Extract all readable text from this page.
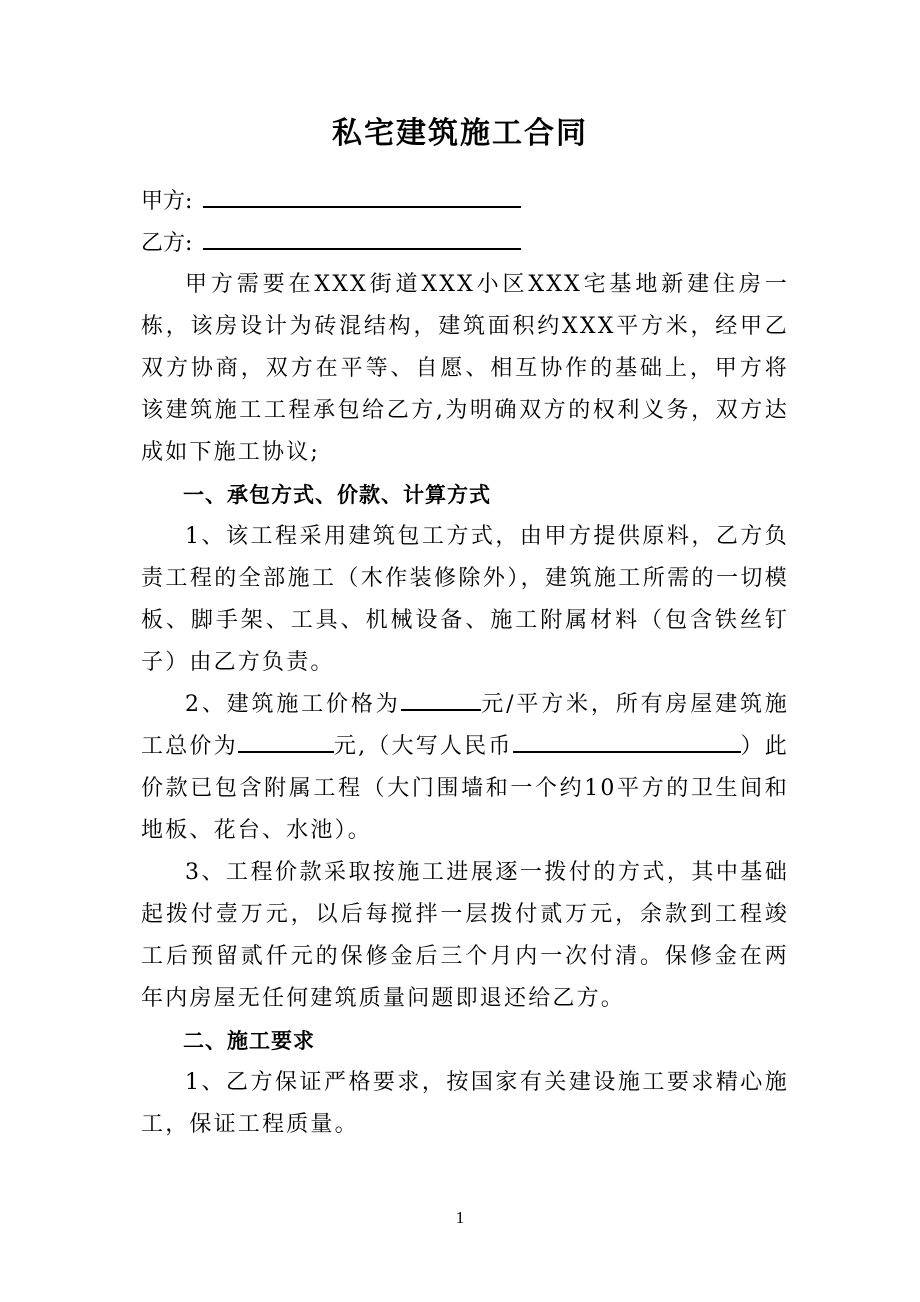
私宅建筑施工合同
甲方:
乙方:

甲方需要在XXX街道XXX小区XXX宅基地新建住房一栋，该房设计为砖混结构，建筑面积约XXX平方米，经甲乙双方协商，双方在平等、自愿、相互协作的基础上，甲方将该建筑施工工程承包给乙方,为明确双方的权利义务，双方达成如下施工协议;

一、承包方式、价款、计算方式

1、该工程采用建筑包工方式，由甲方提供原料，乙方负责工程的全部施工（木作装修除外），建筑施工所需的一切模板、脚手架、工具、机械设备、施工附属材料（包含铁丝钉子）由乙方负责。

2、建筑施工价格为	元/平方米，所有房屋建筑施工总价为	元,（大写人民币	）此价款已包含附属工程（大门围墙和一个约10平方的卫生间和地板、花台、水池）。

3、工程价款采取按施工进展逐一拨付的方式，其中基础起拨付壹万元，以后每搅拌一层拨付贰万元，余款到工程竣工后预留贰仟元的保修金后三个月内一次付清。保修金在两年内房屋无任何建筑质量问题即退还给乙方。

二、施工要求

1、乙方保证严格要求，按国家有关建设施工要求精心施工，保证工程质量。

1
